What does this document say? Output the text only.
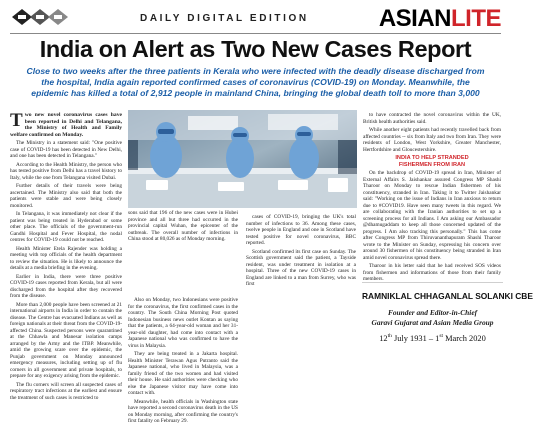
DAILY DIGITAL EDITION	ASIANLITE
India on Alert as Two New Cases Report
Close to two weeks after the three patients in Kerala who were infected with the deadly disease discharged from the hospital, India again reported confirmed cases of coronavirus (COVID-19) on Monday. Meanwhile, the epidemic has killed a total of 2,912 people in mainland China, bringing the global death toll to more than 3,000

Two new novel coronavirus cases have been reported in Delhi and Telangana, the Ministry of Health and Family welfare confirmed on Monday.

The Ministry in a statement said: "One positive case of COVID-19 has been detected in New Delhi, and one has been detected in Telangana."

According to the Health Ministry, the person who has tested positive from Delhi has a travel history to Italy, while the one from Telangana visited Dubai.

Further details of their travels were being ascertained. The Ministry also said that both the patients were stable and were being closely monitored.

In Telangana, it was immediately not clear if the patient was being treated in Hyderabad or some other place. The officials of the government-run Gandhi Hospital and Fever Hospital, the nodal centres for COVID-19 could not be reached.

Health Minister Etela Rajender was holding a meeting with top officials of the health department to review the situation. He is likely to announce the details at a media briefing in the evening.

Earlier in India, there were three positive COVID-19 cases reported from Kerala, but all were discharged from the hospital after they recovered from the disease.

More than 2,000 people have been screened at 21 international airports in India in order to contain the disease. The Centre has evacuated Indians as well as foreign nationals at their threat from the COVID-19-affected China. Suspected persons were quarantined at the Chhawla and Manesar isolation camps arranged by the Army and the ITBP. Meanwhile, amid the growing scare over the epidemic, the Punjab government on Monday announced emergency measures, including setting up of flu corners in all government and private hospitals, to prepare for any exigency arising from the epidemic.

The flu corners will screen all suspected cases of respiratory tract infections at the earliest and ensure the treatment of such cases is restricted to

sons said that 196 of the new cases were in Hubei province and all but three had occurred in the provincial capital Wuhan, the epicenter of the outbreak. The overall number of infections in China stood at 80,026 as of Monday morning.

Also on Monday, two Indonesians were positive for the coronavirus, the first confirmed cases in the country. The South China Morning Post quoted Indonesian business news outlet Kontan as saying that the patients, a 64-year-old woman and her 31-year-old daughter, had come into contact with a Japanese national who was confirmed to have the virus in Malaysia.

They are being treated in a Jakarta hospital. Health Minister Terawan Agus Putranto said the Japanese national, who lived in Malaysia, was a family friend of the two women and had visited their house. He said authorities were checking who else the Japanese visitor may have come into contact with.

Meanwhile, health officials in Washington state have reported a second coronavirus death in the US on Monday morning, after confirming the country's first fatality on February 29.

cases of COVID-19, bringing the UK's total number of infections to 36. Among these cases, twelve people in England and one in Scotland have tested positive for novel coronavirus, BBC reported.

Scotland confirmed its first case on Sunday. The Scottish government said the patient, a Tayside resident, was under treatment in isolation at a hospital. Three of the new COVID-19 cases in England are linked to a man from Surrey, who was first

to have contracted the novel coronavirus within the UK, British health authorities said.

While another eight patients had recently travelled back from affected countries -- six from Italy and two from Iran. They were residents of London, West Yorkshire, Greater Manchester, Hertfordshire and Gloucestershire.

INDIA TO HELP STRANDED
FISHERMEN FROM IRAN

On the backdrop of COVID-19 spread in Iran, Minister of External Affairs S. Jaishankar assured Congress MP Shashi Tharoor on Monday to rescue Indian fishermen of his constituency, stranded in Iran. Taking it to Twitter Jaishankar said: "Working on the issue of Indians in Iran anxious to return due to #COVID19. Have seen many tweets in this regard. We are collaborating with the Iranian authorities to set up a screening process for all Indians. I Am asking our Ambassador @dhamugaddam to keep all those concerned updated of the progress. I Am also tracking this personally." This has come after Congress MP from Thiruvananthapuram Shashi Tharoor wrote to the Minister on Sunday, expressing his concern over around 30 fishermen of his constituency being stranded in Iran amid novel coronavirus spread there.

Tharoor in his letter said that he had received SOS videos from fishermen and informations of those from their family members.

RAMNIKLAL CHHAGANLAL SOLANKI CBE
Founder and Editor-in-Chief
Garavi Gujarat and Asian Media Group
12th July 1931 – 1st March 2020
